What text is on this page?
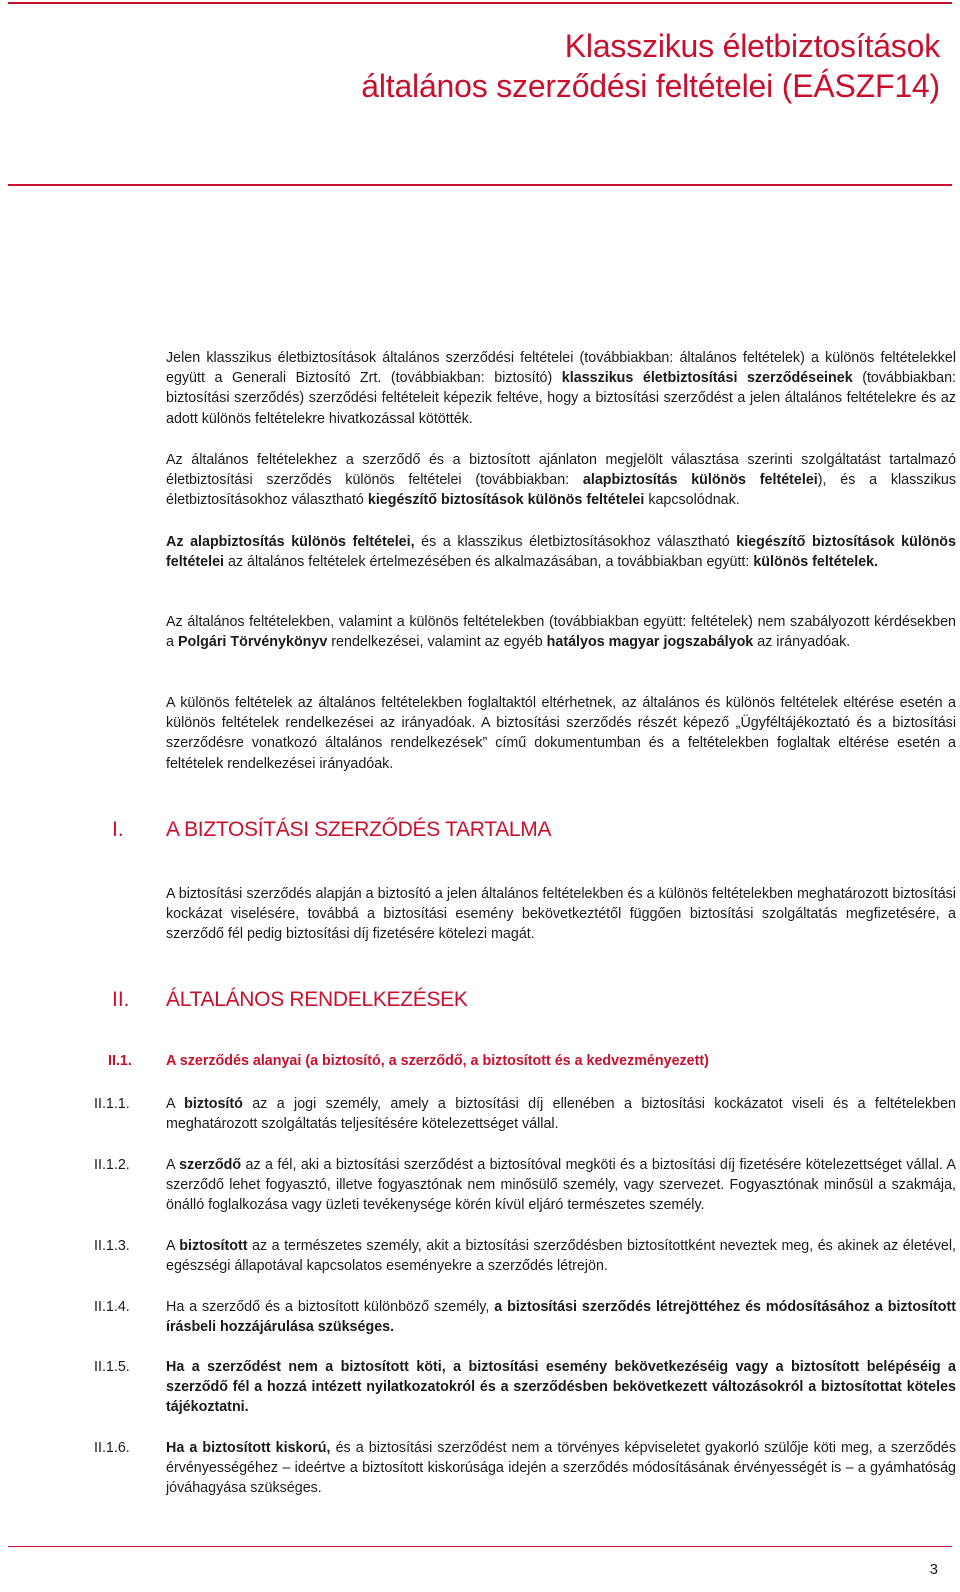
Klasszikus életbiztosítások
általános szerződési feltételei (EÁSZF14)

Jelen klasszikus életbiztosítások általános szerződési feltételei (továbbiakban: általános feltételek) a különös feltételekkel együtt a Generali Biztosító Zrt. (továbbiakban: biztosító) klasszikus életbiztosítási szerződéseinek (továbbiakban: biztosítási szerződés) szerződési feltételeit képezik feltéve, hogy a biztosítási szerződést a jelen általános feltételekre és az adott különös feltételekre hivatkozással kötötték.

Az általános feltételekhez a szerződő és a biztosított ajánlaton megjelölt választása szerinti szolgáltatást tartalmazó életbiztosítási szerződés különös feltételei (továbbiakban: alapbiztosítás különös feltételei), és a klasszikus életbiztosításokhoz választható kiegészítő biztosítások különös feltételei kapcsolódnak.

Az alapbiztosítás különös feltételei, és a klasszikus életbiztosításokhoz választható kiegészítő biztosítások különös feltételei az általános feltételek értelmezésében és alkalmazásában, a továbbiakban együtt: különös feltételek.

Az általános feltételekben, valamint a különös feltételekben (továbbiakban együtt: feltételek) nem szabályozott kérdésekben a Polgári Törvénykönyv rendelkezései, valamint az egyéb hatályos magyar jogszabályok az irányadóak.

A különös feltételek az általános feltételekben foglaltaktól eltérhetnek, az általános és különös feltételek eltérése esetén a különös feltételek rendelkezései az irányadóak. A biztosítási szerződés részét képező „Ügyféltájékoztató és a biztosítási szerződésre vonatkozó általános rendelkezések” című dokumentumban és a feltételekben foglaltak eltérése esetén a feltételek rendelkezései irányadóak.

I. A BIZTOSÍTÁSI SZERZŐDÉS TARTALMA

A biztosítási szerződés alapján a biztosító a jelen általános feltételekben és a különös feltételekben meghatározott biztosítási kockázat viselésére, továbbá a biztosítási esemény bekövetkeztétől függően biztosítási szolgáltatás megfizetésére, a szerződő fél pedig biztosítási díj fizetésére kötelezi magát.

II. ÁLTALÁNOS RENDELKEZÉSEK
II.1. A szerződés alanyai (a biztosító, a szerződő, a biztosított és a kedvezményezett)
II.1.1.	A biztosító az a jogi személy, amely a biztosítási díj ellenében a biztosítási kockázatot viseli és a feltételekben meghatározott szolgáltatás teljesítésére kötelezettséget vállal.

II.1.2.	A szerződő az a fél, aki a biztosítási szerződést a biztosítóval megköti és a biztosítási díj fizetésére kötelezettséget vállal. A szerződő lehet fogyasztó, illetve fogyasztónak nem minősülő személy, vagy szervezet. Fogyasztónak minősül a szakmája, önálló foglalkozása vagy üzleti tevékenysége körén kívül eljáró természetes személy.

II.1.3.	A biztosított az a természetes személy, akit a biztosítási szerződésben biztosítottként neveztek meg, és akinek az életével, egészségi állapotával kapcsolatos eseményekre a szerződés létrejön.

II.1.4.	Ha a szerződő és a biztosított különböző személy, a biztosítási szerződés létrejöttéhez és módosításához a biztosított írásbeli hozzájárulása szükséges.

II.1.5.	Ha a szerződést nem a biztosított köti, a biztosítási esemény bekövetkezéséig vagy a biztosított belépéséig a szerződő fél a hozzá intézett nyilatkozatokról és a szerződésben bekövetkezett változásokról a biztosítottat köteles tájékoztatni.

II.1.6.	Ha a biztosított kiskorú, és a biztosítási szerződést nem a törvényes képviseletet gyakorló szülője köti meg, a szerződés érvényességéhez – ideértve a biztosított kiskorúsága idején a szerződés módosításának érvényességét is – a gyámhatóság jóváhagyása szükséges.

3
